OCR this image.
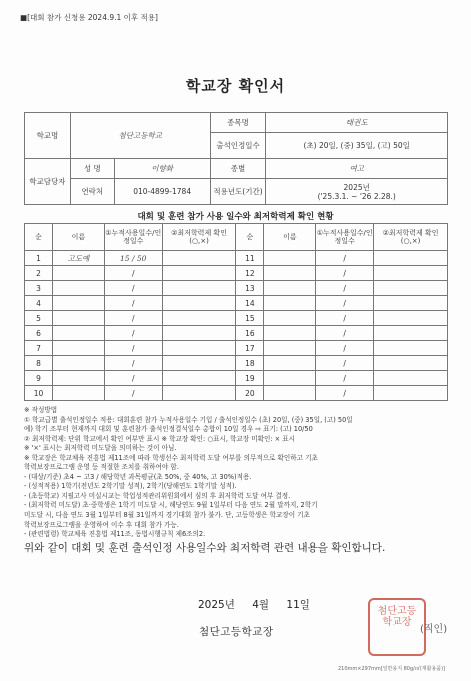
■[대회 참가 신청용 2024.9.1 이후 적용]
학교장 확인서
학교명	첨단고등학교		종목명	태권도
			출석인정일수	(초) 20일, (중) 35일, (고) 50일
학교담당자	성 명	이향화	종별	여고
	연락처	010-4899-1784	적용년도(기간)	2025년
('25.3.1. ~ '26 2.28.)
대회 및 훈련 참가 사용 일수와 최저학력제 확인 현황
순	이름	①누적사용일수/인정일수	②최저학력제 확인(○,×)	순	이름	①누적사용일수/인정일수	②최저학력제 확인(○,×)
1	고도예	15 / 50		11		/	
2		/		12		/	
3		/		13		/	
4		/		14		/	
5		/		15		/	
6		/		16		/	
7		/		17		/	
8		/		18		/	
9		/		19		/	
10		/		20		/	
※ 작성방법
① 학교급별 출석인정일수 적용: 대회훈련 참가 누적사용일수 기입 / 출석인정일수 (초) 20일, (중) 35일, (고) 50일
예) 학기 조부터 현재까지 대회 및 훈련참가 출석인정결석일수 총합이 10일 경우 ⇨ 표기: (고) 10/50
② 최저학력제: 단위 학교에서 확인 여부만 표시 ※ 학교장 확인: ○표시, 학교장 미확인: × 표시
※ '×' 표시는 최저학력 미도달을 의미하는 것이 아님.
※ 학교장은 학교체육 진흥법 제11조에 따라 학생선수 최저학력 도달 여부를 의무적으로 확인하고 기초
학력보장프로그램 운영 등 적절한 조치를 취하여야 함.
- (대상/기준) 초4 ~ 고3 / 해당학년 과목평균(초 50%, 중 40%, 고 30%)적용.
- (성적적용) 1학기(전년도 2학기말 성적), 2학기(당해연도 1학기말 성적).
- (초등학교) 지필고사 미실시교는 학업성적관리위원회에서 심의 후 최저학력 도달 여부 결정.
- (최저학력 미도달) 초·중학생은 1학기 미도달 시, 해당연도 9월 1일부터 다음 연도 2월 말까지, 2학기
미도달 시, 다음 연도 3월 1일부터 8월 31일까지 경기대회 참가 불가. 단, 고등학생은 학교장이 기초
학력보장프로그램을 운영하여 이수 후 대회 참가 가능.
- (관련법령) 학교체육 진흥법 제11조, 동법시행규칙 제6조의2.
위와 같이 대회 및 훈련 출석인정 사용일수와 최저학력 관련 내용을 확인합니다.
2025년 4월 11일
첨단고등학교장
첨단고등학교장
(직인)
210mm×297mm[일반용지 80g/㎡(재활용품)]
